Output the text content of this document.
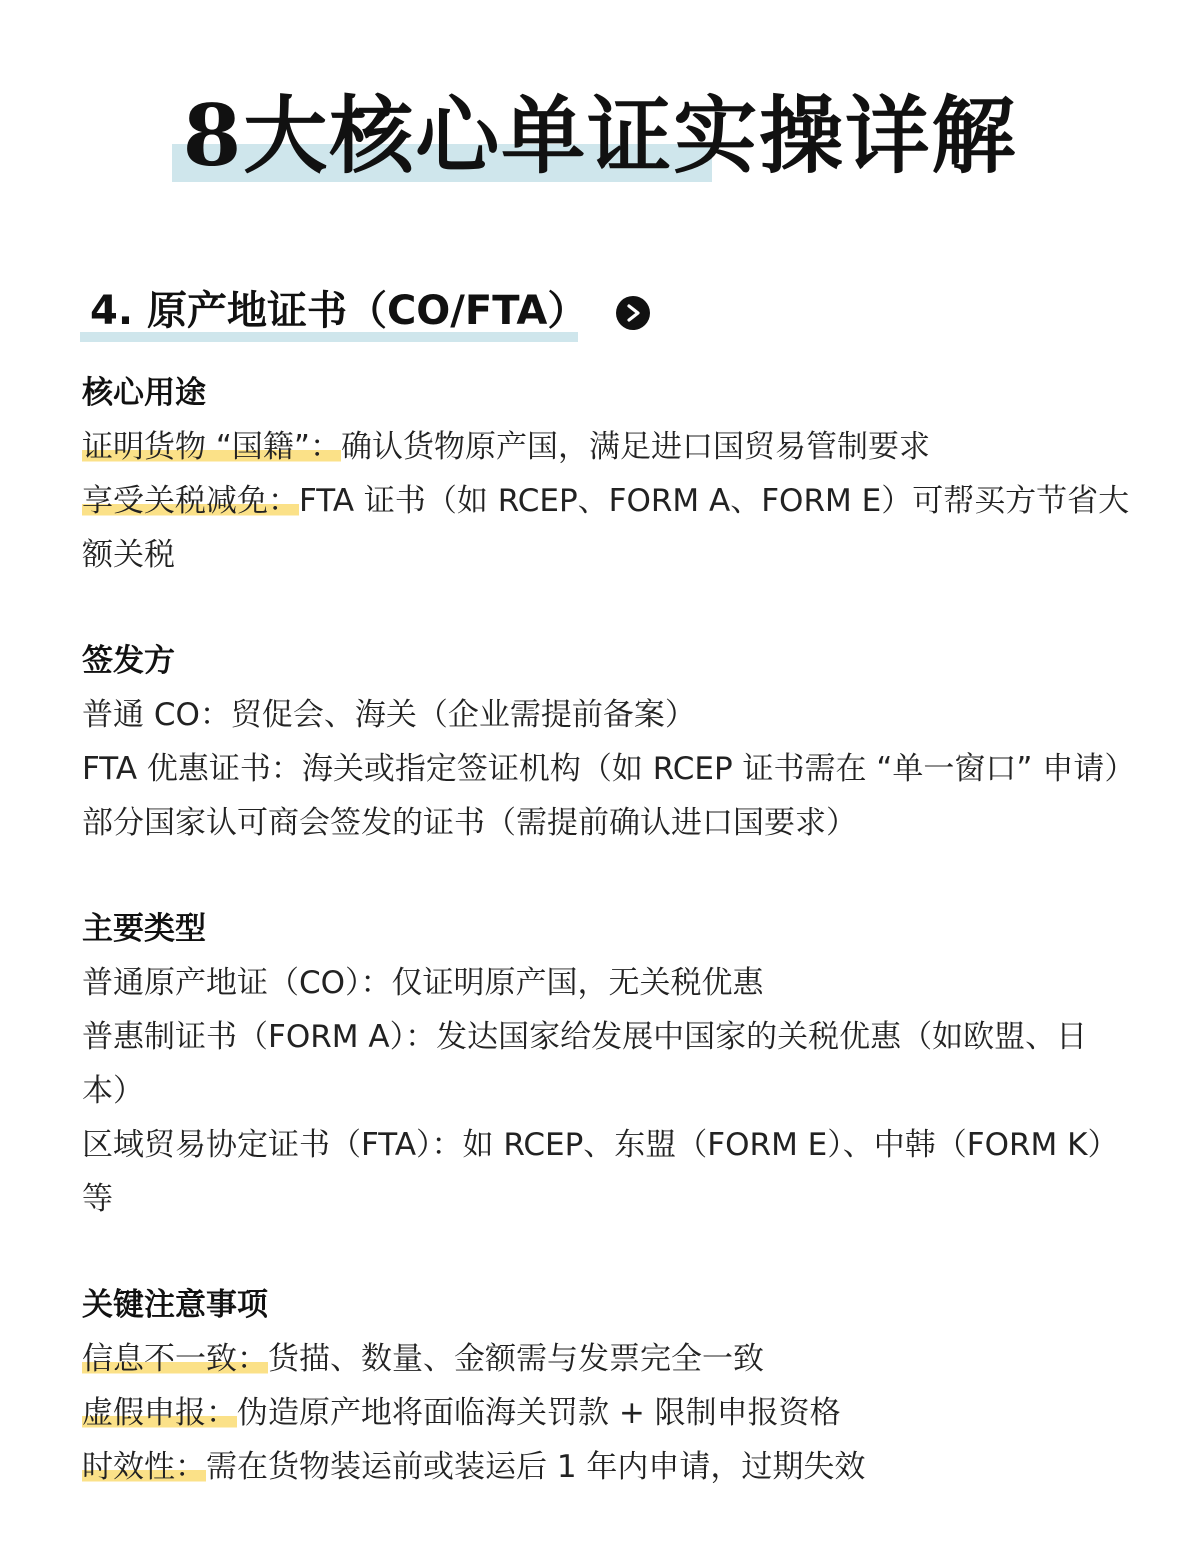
8大核心单证实操详解
4. 原产地证书（CO/FTA）
核心用途
证明货物 “国籍”：确认货物原产国，满足进口国贸易管制要求
享受关税减免：FTA 证书（如 RCEP、FORM A、FORM E）可帮买方节省大额关税
签发方
普通 CO：贸促会、海关（企业需提前备案）
FTA 优惠证书：海关或指定签证机构（如 RCEP 证书需在 “单一窗口” 申请）
部分国家认可商会签发的证书（需提前确认进口国要求）
主要类型
普通原产地证（CO）：仅证明原产国，无关税优惠
普惠制证书（FORM A）：发达国家给发展中国家的关税优惠（如欧盟、日本）
区域贸易协定证书（FTA）：如 RCEP、东盟（FORM E）、中韩（FORM K）等
关键注意事项
信息不一致：货描、数量、金额需与发票完全一致
虚假申报：伪造原产地将面临海关罚款 + 限制申报资格
时效性：需在货物装运前或装运后 1 年内申请，过期失效
